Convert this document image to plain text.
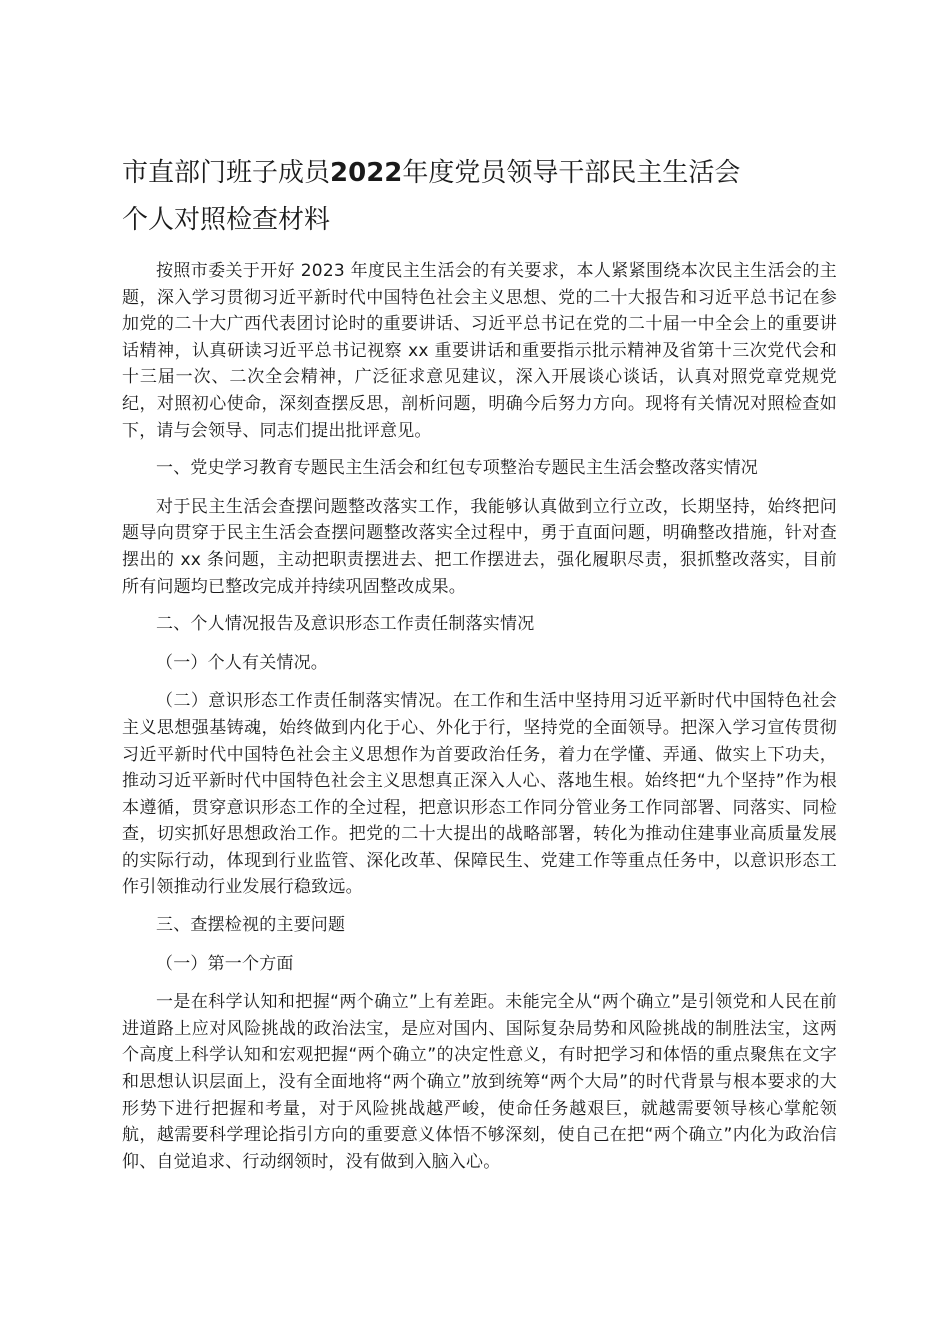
市直部门班子成员2022年度党员领导干部民主生活会
个人对照检查材料

按照市委关于开好 2023 年度民主生活会的有关要求，本人紧紧围绕本次民主生活会的主题，深入学习贯彻习近平新时代中国特色社会主义思想、党的二十大报告和习近平总书记在参加党的二十大广西代表团讨论时的重要讲话、习近平总书记在党的二十届一中全会上的重要讲话精神，认真研读习近平总书记视察 xx 重要讲话和重要指示批示精神及省第十三次党代会和十三届一次、二次全会精神，广泛征求意见建议，深入开展谈心谈话，认真对照党章党规党纪，对照初心使命，深刻查摆反思，剖析问题，明确今后努力方向。现将有关情况对照检查如下，请与会领导、同志们提出批评意见。

一、党史学习教育专题民主生活会和红包专项整治专题民主生活会整改落实情况

对于民主生活会查摆问题整改落实工作，我能够认真做到立行立改，长期坚持，始终把问题导向贯穿于民主生活会查摆问题整改落实全过程中，勇于直面问题，明确整改措施，针对查摆出的 xx 条问题，主动把职责摆进去、把工作摆进去，强化履职尽责，狠抓整改落实，目前所有问题均已整改完成并持续巩固整改成果。

二、个人情况报告及意识形态工作责任制落实情况

（一）个人有关情况。

（二）意识形态工作责任制落实情况。在工作和生活中坚持用习近平新时代中国特色社会主义思想强基铸魂，始终做到内化于心、外化于行，坚持党的全面领导。把深入学习宣传贯彻习近平新时代中国特色社会主义思想作为首要政治任务，着力在学懂、弄通、做实上下功夫，推动习近平新时代中国特色社会主义思想真正深入人心、落地生根。始终把“九个坚持”作为根本遵循，贯穿意识形态工作的全过程，把意识形态工作同分管业务工作同部署、同落实、同检查，切实抓好思想政治工作。把党的二十大提出的战略部署，转化为推动住建事业高质量发展的实际行动，体现到行业监管、深化改革、保障民生、党建工作等重点任务中，以意识形态工作引领推动行业发展行稳致远。

三、查摆检视的主要问题

（一）第一个方面

一是在科学认知和把握“两个确立”上有差距。未能完全从“两个确立”是引领党和人民在前进道路上应对风险挑战的政治法宝，是应对国内、国际复杂局势和风险挑战的制胜法宝，这两个高度上科学认知和宏观把握“两个确立”的决定性意义，有时把学习和体悟的重点聚焦在文字和思想认识层面上，没有全面地将“两个确立”放到统筹“两个大局”的时代背景与根本要求的大形势下进行把握和考量，对于风险挑战越严峻，使命任务越艰巨，就越需要领导核心掌舵领航，越需要科学理论指引方向的重要意义体悟不够深刻，使自己在把“两个确立”内化为政治信仰、自觉追求、行动纲领时，没有做到入脑入心。
